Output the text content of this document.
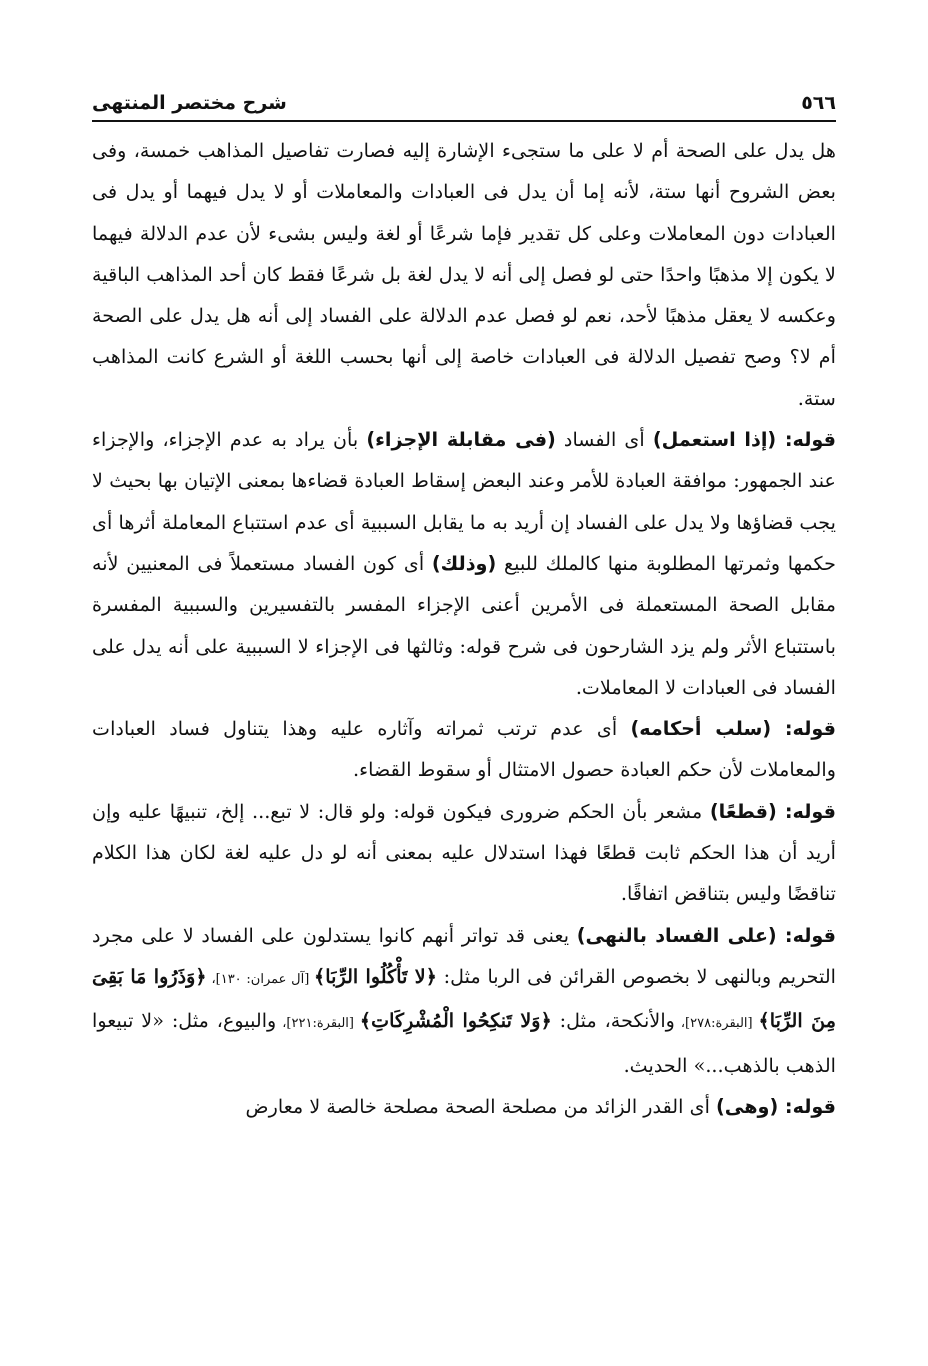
٥٦٦
شرح مختصر المنتهى

هل يدل على الصحة أم لا على ما ستجىء الإشارة إليه فصارت تفاصيل المذاهب خمسة، وفى بعض الشروح أنها ستة، لأنه إما أن يدل فى العبادات والمعاملات أو لا يدل فيهما أو يدل فى العبادات دون المعاملات وعلى كل تقدير فإما شرعًا أو لغة وليس بشىء لأن عدم الدلالة فيهما لا يكون إلا مذهبًا واحدًا حتى لو فصل إلى أنه لا يدل لغة بل شرعًا فقط كان أحد المذاهب الباقية وعكسه لا يعقل مذهبًا لأحد، نعم لو فصل عدم الدلالة على الفساد إلى أنه هل يدل على الصحة أم لا؟ وصح تفصيل الدلالة فى العبادات خاصة إلى أنها بحسب اللغة أو الشرع كانت المذاهب ستة.

قوله: (إذا استعمل) أى الفساد (فى مقابلة الإجزاء) بأن يراد به عدم الإجزاء، والإجزاء عند الجمهور: موافقة العبادة للأمر وعند البعض إسقاط العبادة قضاءها بمعنى الإتيان بها بحيث لا يجب قضاؤها ولا يدل على الفساد إن أريد به ما يقابل السببية أى عدم استتباع المعاملة أثرها أى حكمها وثمرتها المطلوبة منها كالملك للبيع (وذلك) أى كون الفساد مستعملاً فى المعنيين لأنه مقابل الصحة المستعملة فى الأمرين أعنى الإجزاء المفسر بالتفسيرين والسببية المفسرة باستتباع الأثر ولم يزد الشارحون فى شرح قوله: وثالثها فى الإجزاء لا السببية على أنه يدل على الفساد فى العبادات لا المعاملات.

قوله: (سلب أحكامه) أى عدم ترتب ثمراته وآثاره عليه وهذا يتناول فساد العبادات والمعاملات لأن حكم العبادة حصول الامتثال أو سقوط القضاء.

قوله: (قطعًا) مشعر بأن الحكم ضرورى فيكون قوله: ولو قال: لا تبع... إلخ، تنبيهًا عليه وإن أريد أن هذا الحكم ثابت قطعًا فهذا استدلال عليه بمعنى أنه لو دل عليه لغة لكان هذا الكلام تناقضًا وليس بتناقض اتفاقًا.

قوله: (على الفساد بالنهى) يعنى قد تواتر أنهم كانوا يستدلون على الفساد لا على مجرد التحريم وبالنهى لا بخصوص القرائن فى الربا مثل: ﴿لا تَأْكُلُوا الرِّبَا﴾ [آل عمران: ١٣٠]، ﴿وَذَرُوا مَا بَقِىَ مِنَ الرِّبَا﴾ [البقرة:٢٧٨]، والأنكحة، مثل: ﴿وَلا تَنكِحُوا الْمُشْرِكَاتِ﴾ [البقرة:٢٢١]، والبيوع، مثل: «لا تبيعوا الذهب بالذهب...» الحديث.

قوله: (وهى) أى القدر الزائد من مصلحة الصحة مصلحة خالصة لا معارض
